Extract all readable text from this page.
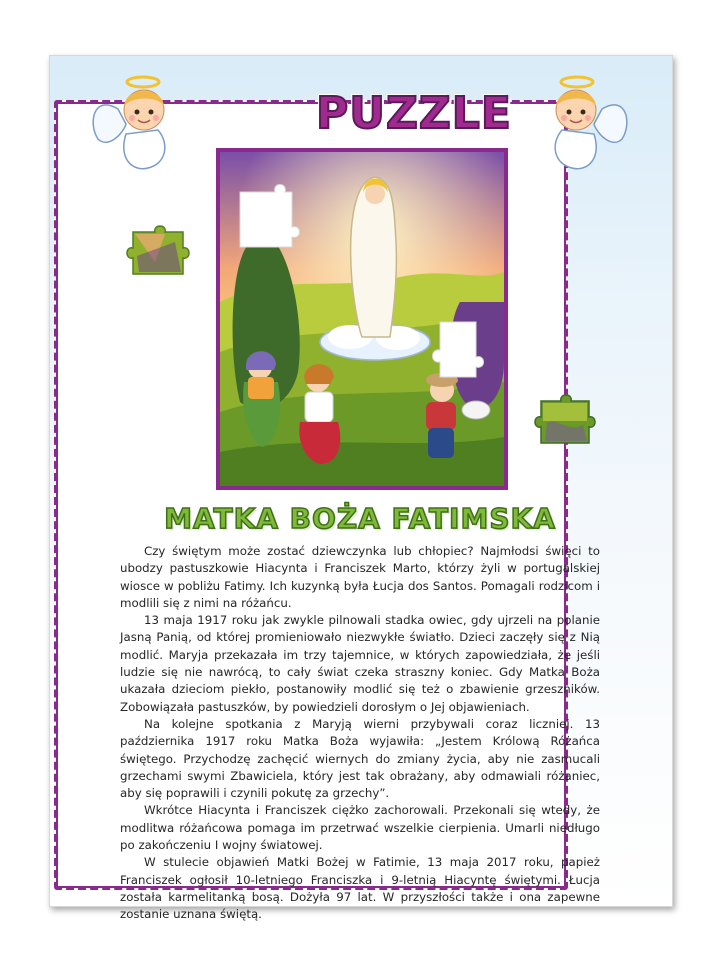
PUZZLE
MATKA BOŻA FATIMSKA

Czy świętym może zostać dziewczynka lub chłopiec? Najmłodsi święci to ubodzy pastuszkowie Hiacynta i Franciszek Marto, którzy żyli w portugalskiej wiosce w pobliżu Fatimy. Ich kuzynką była Łucja dos Santos. Pomagali rodzicom i modlili się z nimi na różańcu.

13 maja 1917 roku jak zwykle pilnowali stadka owiec, gdy ujrzeli na polanie Jasną Panią, od której promieniowało niezwykłe światło. Dzieci zaczęły się z Nią modlić. Maryja przekazała im trzy tajemnice, w których zapowiedziała, że jeśli ludzie się nie nawrócą, to cały świat czeka straszny koniec. Gdy Matka Boża ukazała dzieciom piekło, postanowiły modlić się też o zbawienie grzeszników. Zobowiązała pastuszków, by powiedzieli dorosłym o Jej objawieniach.

Na kolejne spotkania z Maryją wierni przybywali coraz liczniej. 13 października 1917 roku Matka Boża wyjawiła: „Jestem Królową Różańca świętego. Przychodzę zachęcić wiernych do zmiany życia, aby nie zasmucali grzechami swymi Zbawiciela, który jest tak obrażany, aby odmawiali różaniec, aby się poprawili i czynili pokutę za grzechy”.

Wkrótce Hiacynta i Franciszek ciężko zachorowali. Przekonali się wtedy, że modlitwa różańcowa pomaga im przetrwać wszelkie cierpienia. Umarli niedługo po zakończeniu I wojny światowej.

W stulecie objawień Matki Bożej w Fatimie, 13 maja 2017 roku, papież Franciszek ogłosił 10-letniego Franciszka i 9-letnią Hiacyntę świętymi. Łucja została karmelitanką bosą. Dożyła 97 lat. W przyszłości także i ona zapewne zostanie uznana świętą.
